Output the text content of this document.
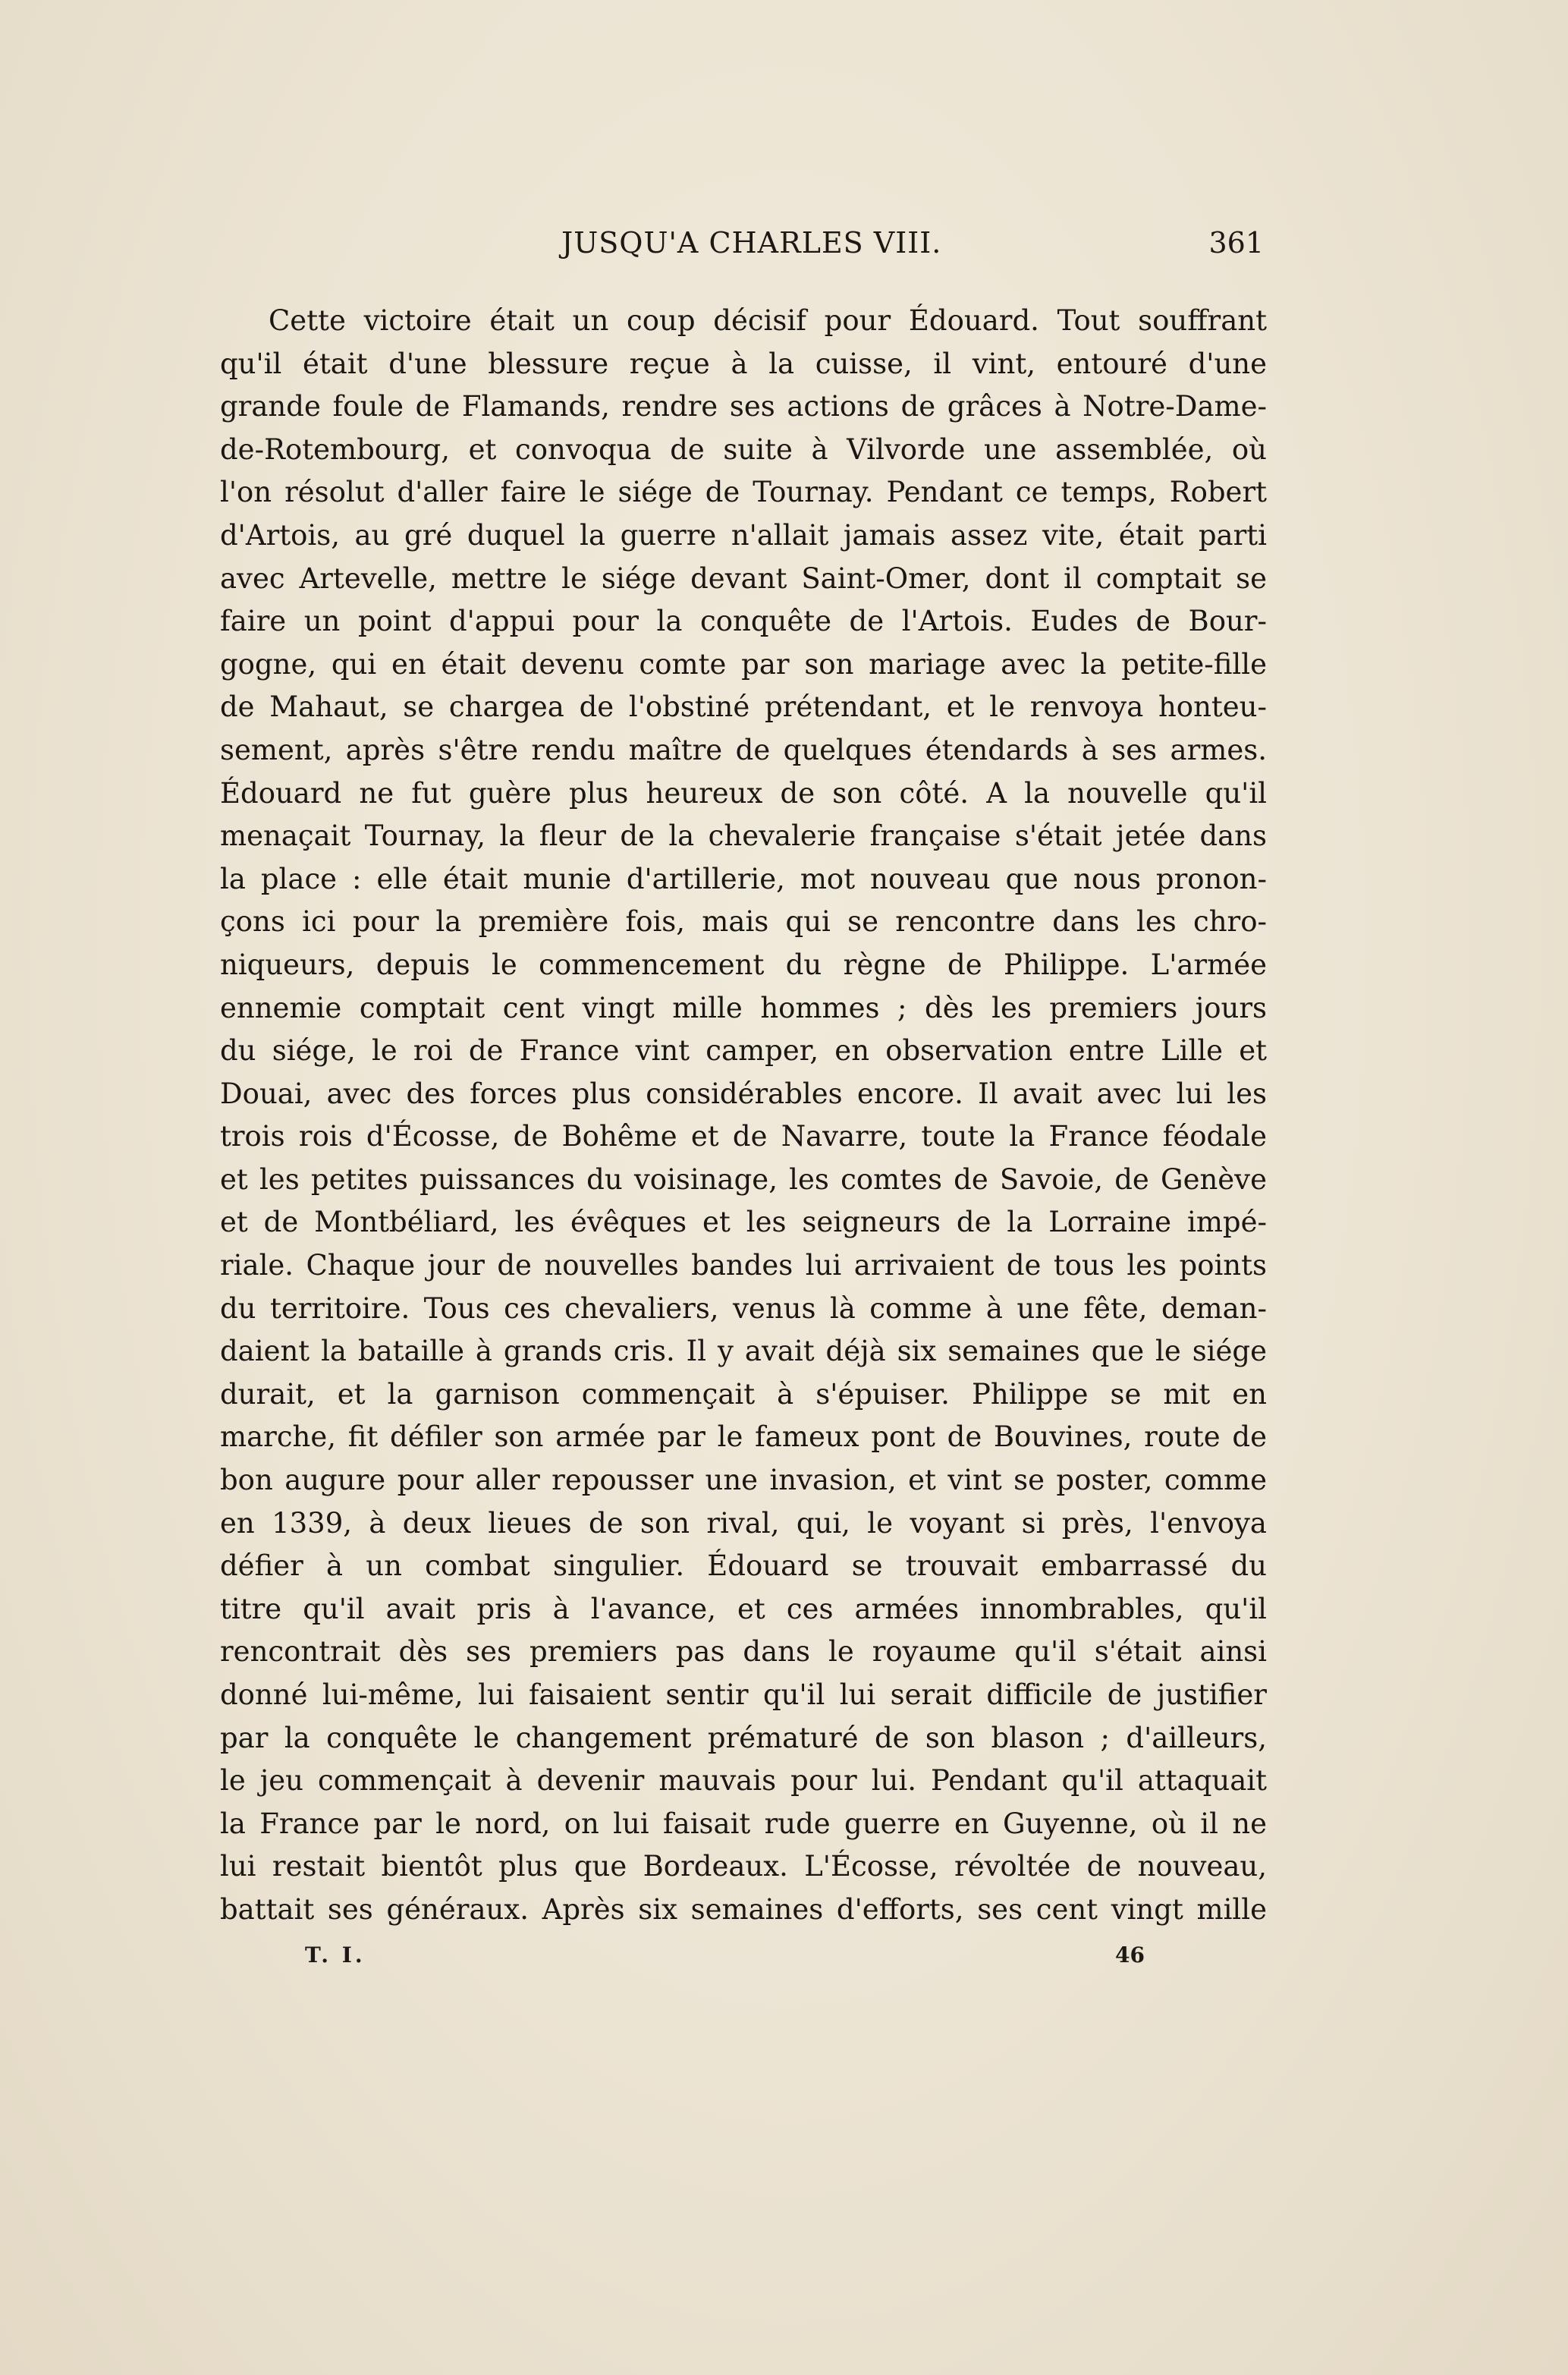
JUSQU'A CHARLES VIII.	361
Cette victoire était un coup décisif pour Édouard. Tout souffrant
qu'il était d'une blessure reçue à la cuisse, il vint, entouré d'une
grande foule de Flamands, rendre ses actions de grâces à Notre-Dame-
de-Rotembourg, et convoqua de suite à Vilvorde une assemblée, où
l'on résolut d'aller faire le siége de Tournay. Pendant ce temps, Robert
d'Artois, au gré duquel la guerre n'allait jamais assez vite, était parti
avec Artevelle, mettre le siége devant Saint-Omer, dont il comptait se
faire un point d'appui pour la conquête de l'Artois. Eudes de Bour-
gogne, qui en était devenu comte par son mariage avec la petite-fille
de Mahaut, se chargea de l'obstiné prétendant, et le renvoya honteu-
sement, après s'être rendu maître de quelques étendards à ses armes.
Édouard ne fut guère plus heureux de son côté. A la nouvelle qu'il
menaçait Tournay, la fleur de la chevalerie française s'était jetée dans
la place : elle était munie d'artillerie, mot nouveau que nous pronon-
çons ici pour la première fois, mais qui se rencontre dans les chro-
niqueurs, depuis le commencement du règne de Philippe. L'armée
ennemie comptait cent vingt mille hommes ; dès les premiers jours
du siége, le roi de France vint camper, en observation entre Lille et
Douai, avec des forces plus considérables encore. Il avait avec lui les
trois rois d'Écosse, de Bohême et de Navarre, toute la France féodale
et les petites puissances du voisinage, les comtes de Savoie, de Genève
et de Montbéliard, les évêques et les seigneurs de la Lorraine impé-
riale. Chaque jour de nouvelles bandes lui arrivaient de tous les points
du territoire. Tous ces chevaliers, venus là comme à une fête, deman-
daient la bataille à grands cris. Il y avait déjà six semaines que le siége
durait, et la garnison commençait à s'épuiser. Philippe se mit en
marche, fit défiler son armée par le fameux pont de Bouvines, route de
bon augure pour aller repousser une invasion, et vint se poster, comme
en 1339, à deux lieues de son rival, qui, le voyant si près, l'envoya
défier à un combat singulier. Édouard se trouvait embarrassé du
titre qu'il avait pris à l'avance, et ces armées innombrables, qu'il
rencontrait dès ses premiers pas dans le royaume qu'il s'était ainsi
donné lui-même, lui faisaient sentir qu'il lui serait difficile de justifier
par la conquête le changement prématuré de son blason ; d'ailleurs,
le jeu commençait à devenir mauvais pour lui. Pendant qu'il attaquait
la France par le nord, on lui faisait rude guerre en Guyenne, où il ne
lui restait bientôt plus que Bordeaux. L'Écosse, révoltée de nouveau,
battait ses généraux. Après six semaines d'efforts, ses cent vingt mille
T. I.	46
